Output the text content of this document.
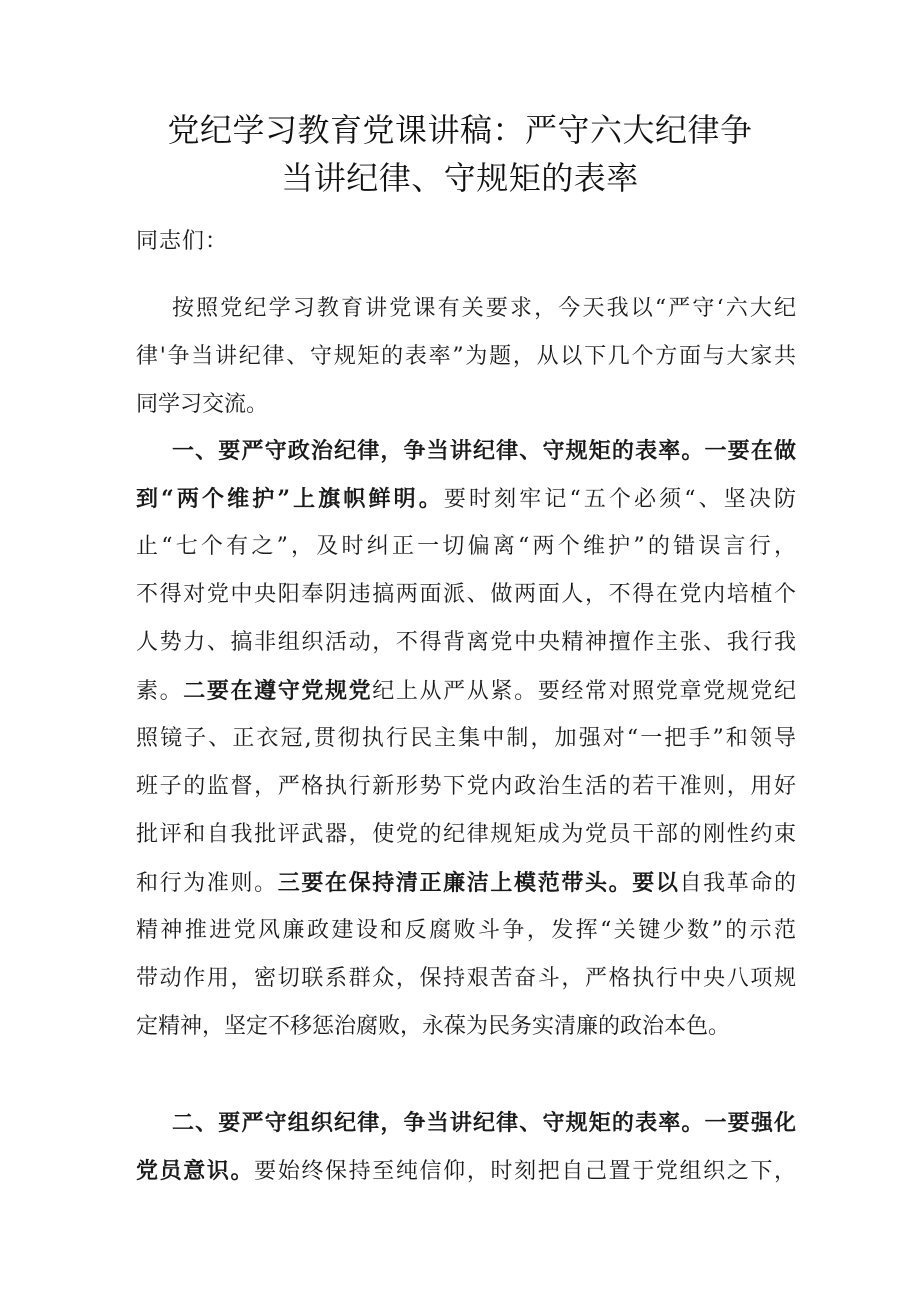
党纪学习教育党课讲稿：严守六大纪律争
当讲纪律、守规矩的表率
同志们：
按照党纪学习教育讲党课有关要求，今天我以“严守‘六大纪
律'争当讲纪律、守规矩的表率”为题，从以下几个方面与大家共
同学习交流。
一、要严守政治纪律，争当讲纪律、守规矩的表率。一要在做
到“两个维护”上旗帜鲜明。要时刻牢记“五个必须“、坚决防
止“七个有之”，及时纠正一切偏离“两个维护”的错误言行，
不得对党中央阳奉阴违搞两面派、做两面人，不得在党内培植个
人势力、搞非组织活动，不得背离党中央精神擅作主张、我行我
素。二要在遵守党规党纪上从严从紧。要经常对照党章党规党纪
照镜子、正衣冠,贯彻执行民主集中制，加强对“一把手”和领导
班子的监督，严格执行新形势下党内政治生活的若干准则，用好
批评和自我批评武器，使党的纪律规矩成为党员干部的刚性约束
和行为准则。三要在保持清正廉洁上模范带头。要以自我革命的
精神推进党风廉政建设和反腐败斗争，发挥“关键少数”的示范
带动作用，密切联系群众，保持艰苦奋斗，严格执行中央八项规
定精神，坚定不移惩治腐败，永葆为民务实清廉的政治本色。
二、要严守组织纪律，争当讲纪律、守规矩的表率。一要强化
党员意识。要始终保持至纯信仰，时刻把自己置于党组织之下，
